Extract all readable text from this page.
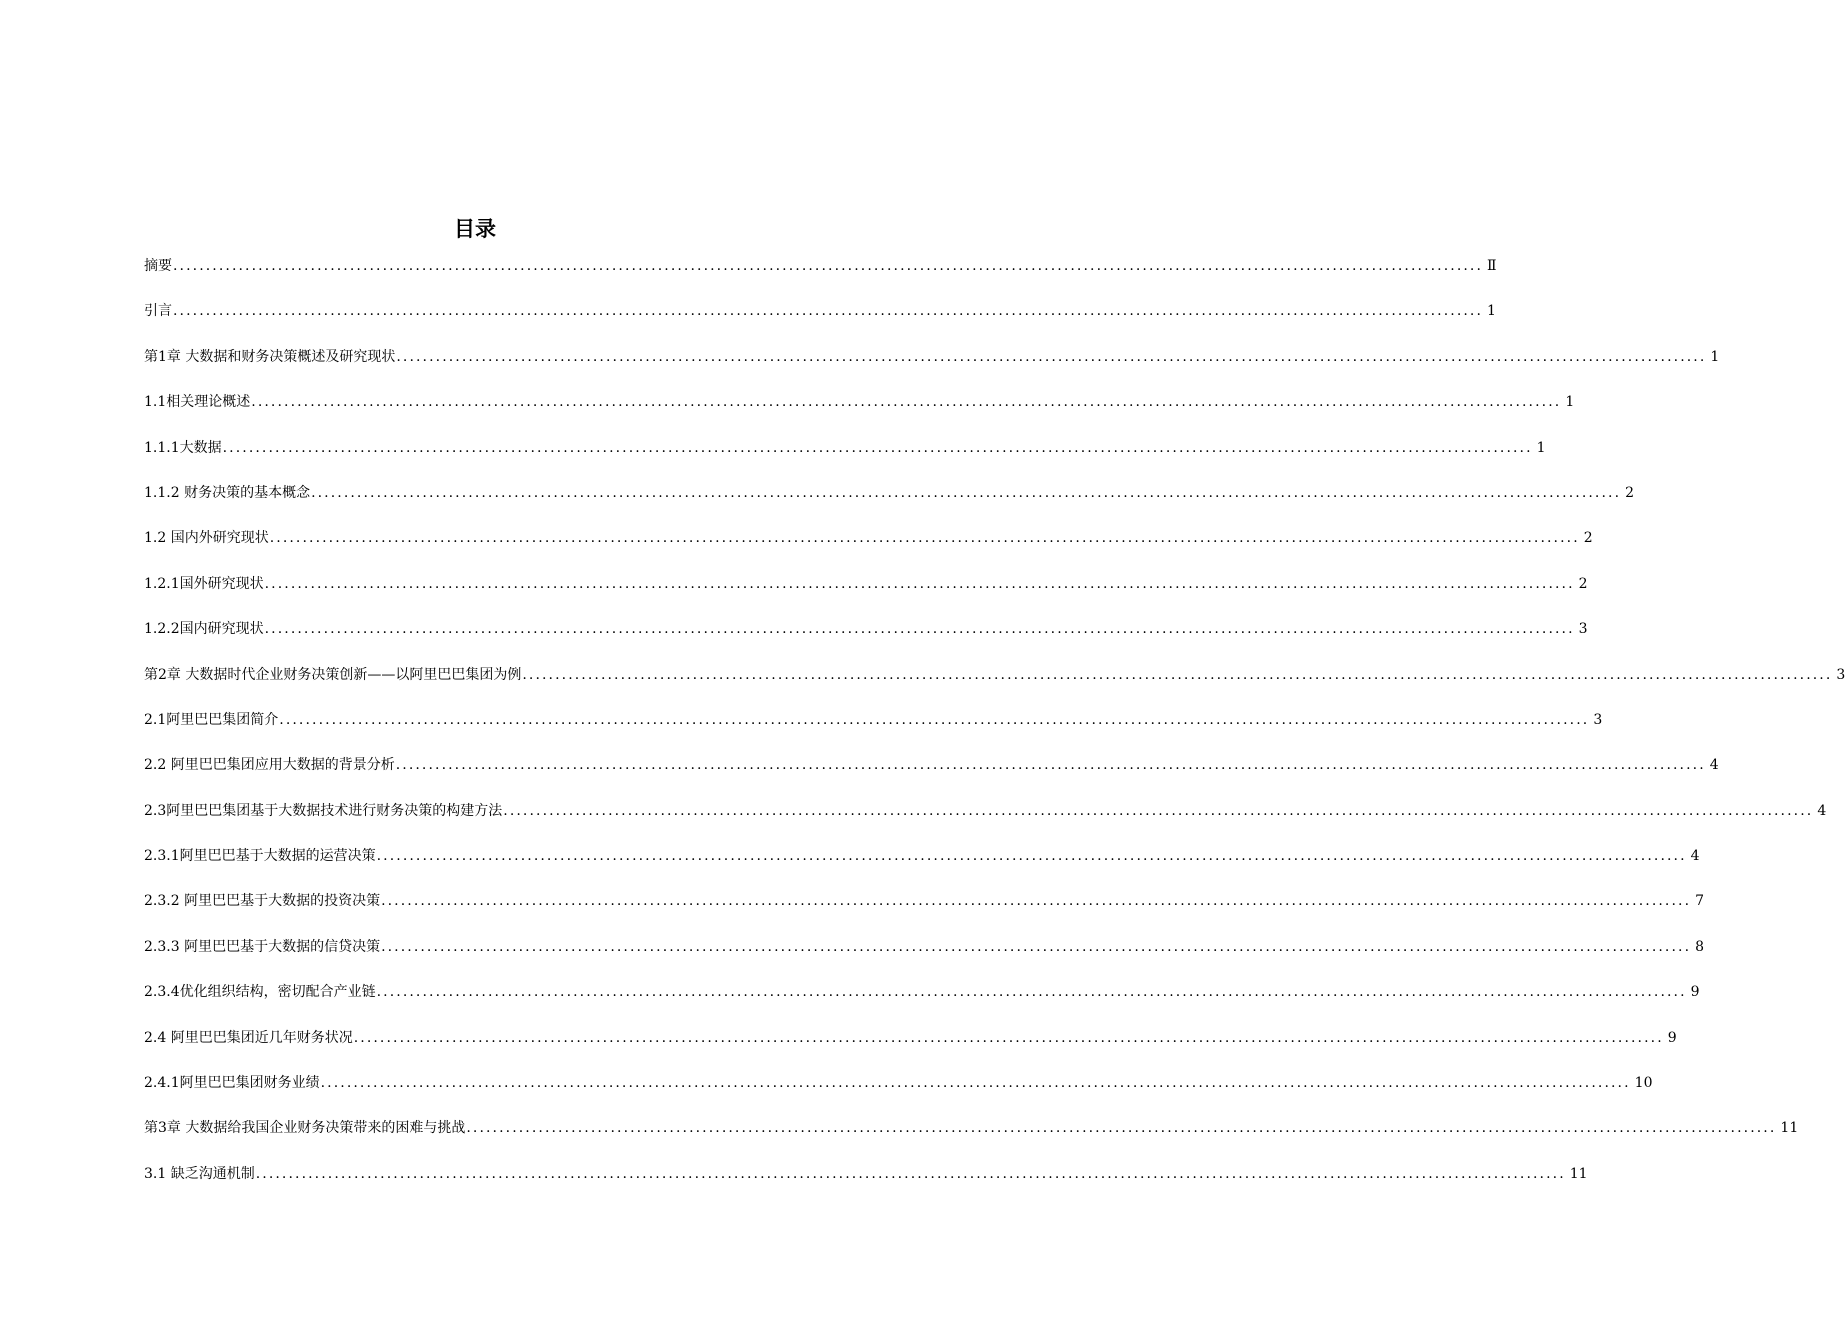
目录
摘要 ........................................................................................................................................................................................................ Ⅱ
引言 ........................................................................................................................................................................................................ 1
第1章 大数据和财务决策概述及研究现状 ........................................................................................................................................................................................................ 1
1.1相关理论概述 ........................................................................................................................................................................................................ 1
1.1.1大数据 ........................................................................................................................................................................................................ 1
1.1.2 财务决策的基本概念 ........................................................................................................................................................................................................ 2
1.2 国内外研究现状 ........................................................................................................................................................................................................ 2
1.2.1国外研究现状 ........................................................................................................................................................................................................ 2
1.2.2国内研究现状 ........................................................................................................................................................................................................ 3
第2章 大数据时代企业财务决策创新——以阿里巴巴集团为例 ........................................................................................................................................................................................................ 3
2.1阿里巴巴集团简介 ........................................................................................................................................................................................................ 3
2.2 阿里巴巴集团应用大数据的背景分析 ........................................................................................................................................................................................................ 4
2.3阿里巴巴集团基于大数据技术进行财务决策的构建方法 ........................................................................................................................................................................................................ 4
2.3.1阿里巴巴基于大数据的运营决策 ........................................................................................................................................................................................................ 4
2.3.2 阿里巴巴基于大数据的投资决策 ........................................................................................................................................................................................................ 7
2.3.3 阿里巴巴基于大数据的信贷决策 ........................................................................................................................................................................................................ 8
2.3.4优化组织结构，密切配合产业链 ........................................................................................................................................................................................................ 9
2.4 阿里巴巴集团近几年财务状况 ........................................................................................................................................................................................................ 9
2.4.1阿里巴巴集团财务业绩 ........................................................................................................................................................................................................ 10
第3章 大数据给我国企业财务决策带来的困难与挑战 ........................................................................................................................................................................................................ 11
3.1 缺乏沟通机制 ........................................................................................................................................................................................................ 11
